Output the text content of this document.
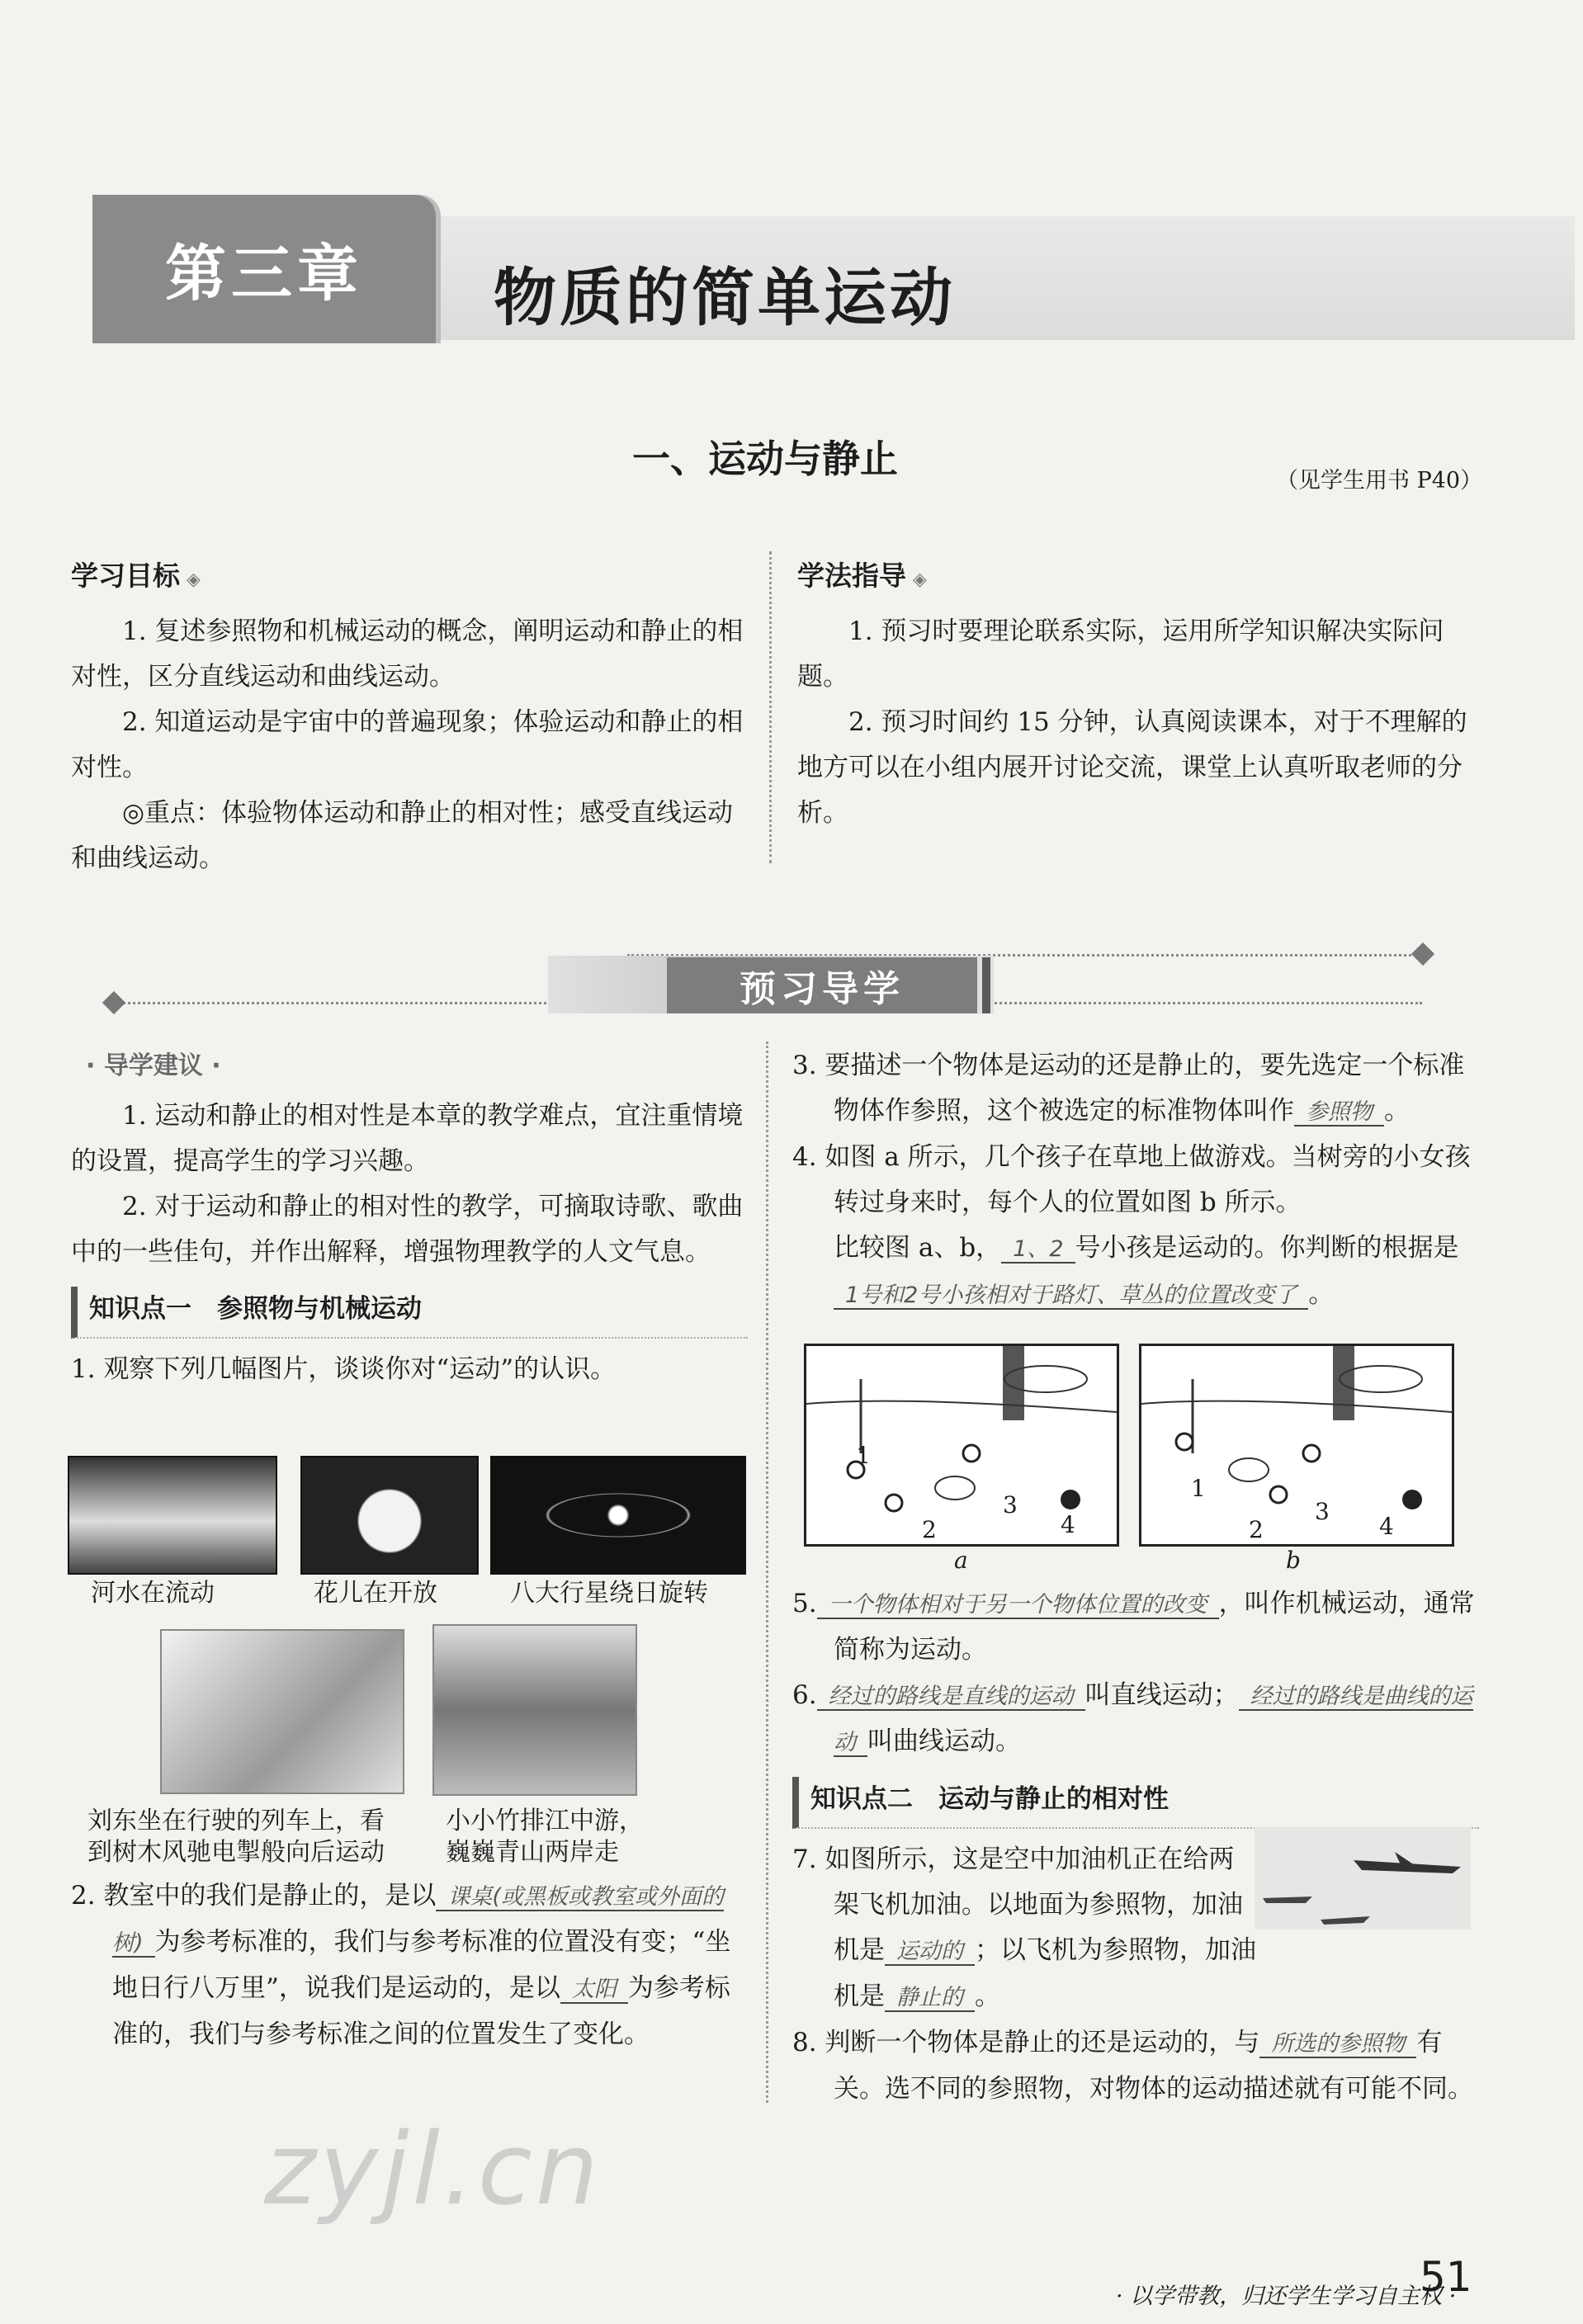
第三章	物质的简单运动
一、运动与静止	（见学生用书 P40）

学习目标 ◈

1. 复述参照物和机械运动的概念，阐明运动和静止的相对性，区分直线运动和曲线运动。

2. 知道运动是宇宙中的普遍现象；体验运动和静止的相对性。

◎重点：体验物体运动和静止的相对性；感受直线运动和曲线运动。

学法指导 ◈

1. 预习时要理论联系实际，运用所学知识解决实际问题。

2. 预习时间约 15 分钟，认真阅读课本，对于不理解的地方可以在小组内展开讨论交流，课堂上认真听取老师的分析。

预习导学

· 导学建议 ·

1. 运动和静止的相对性是本章的教学难点，宜注重情境的设置，提高学生的学习兴趣。

2. 对于运动和静止的相对性的教学，可摘取诗歌、歌曲中的一些佳句，并作出解释，增强物理教学的人文气息。

知识点一　参照物与机械运动

1. 观察下列几幅图片，谈谈你对“运动”的认识。

河水在流动	花儿在开放	八大行星绕日旋转
刘东坐在行驶的列车上，看
到树木风驰电掣般向后运动
小小竹排江中游，
巍巍青山两岸走

2. 教室中的我们是静止的，是以 课桌(或黑板或教室或外面的树) 为参考标准的，我们与参考标准的位置没有变；“坐地日行八万里”，说我们是运动的，是以 太阳 为参考标准的，我们与参考标准之间的位置发生了变化。

3. 要描述一个物体是运动的还是静止的，要先选定一个标准物体作参照，这个被选定的标准物体叫作 参照物 。

4. 如图 a 所示，几个孩子在草地上做游戏。当树旁的小女孩转过身来时，每个人的位置如图 b 所示。

比较图 a、b， 1、2 号小孩是运动的。你判断的根据是1号和2号小孩相对于路灯、草丛的位置改变了 。

1
2
3
4
a
1
2
3
4
b

5. 一个物体相对于另一个物体位置的改变 ，叫作机械运动，通常简称为运动。

6. 经过的路线是直线的运动 叫直线运动； 经过的路线是曲线的运动 叫曲线运动。

知识点二　运动与静止的相对性

7. 如图所示，这是空中加油机正在给两架飞机加油。以地面为参照物，加油机是 运动的 ；以飞机为参照物，加油机是 静止的 。

8. 判断一个物体是静止的还是运动的，与 所选的参照物 有关。选不同的参照物，对物体的运动描述就有可能不同。

zyjl.cn
· 以学带教，归还学生学习自主权 ·
51
